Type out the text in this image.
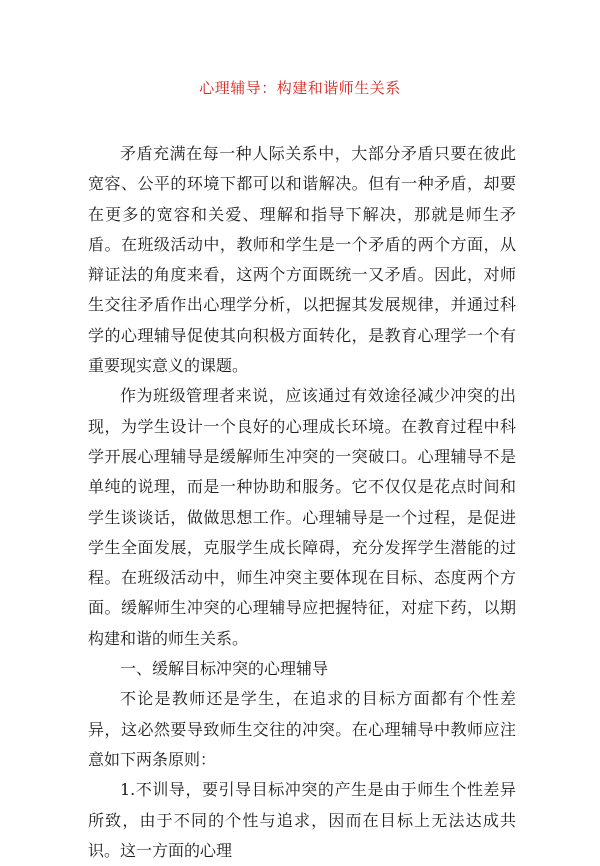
心理辅导：构建和谐师生关系

矛盾充满在每一种人际关系中，大部分矛盾只要在彼此宽容、公平的环境下都可以和谐解决。但有一种矛盾，却要在更多的宽容和关爱、理解和指导下解决，那就是师生矛盾。在班级活动中，教师和学生是一个矛盾的两个方面，从辩证法的角度来看，这两个方面既统一又矛盾。因此，对师生交往矛盾作出心理学分析，以把握其发展规律，并通过科学的心理辅导促使其向积极方面转化，是教育心理学一个有重要现实意义的课题。

作为班级管理者来说，应该通过有效途径减少冲突的出现，为学生设计一个良好的心理成长环境。在教育过程中科学开展心理辅导是缓解师生冲突的一突破口。心理辅导不是单纯的说理，而是一种协助和服务。它不仅仅是花点时间和学生谈谈话，做做思想工作。心理辅导是一个过程，是促进学生全面发展，克服学生成长障碍，充分发挥学生潜能的过程。在班级活动中，师生冲突主要体现在目标、态度两个方面。缓解师生冲突的心理辅导应把握特征，对症下药，以期构建和谐的师生关系。

一、缓解目标冲突的心理辅导

不论是教师还是学生，在追求的目标方面都有个性差异，这必然要导致师生交往的冲突。在心理辅导中教师应注意如下两条原则：

1.不训导，要引导目标冲突的产生是由于师生个性差异所致，由于不同的个性与追求，因而在目标上无法达成共识。这一方面的心理
